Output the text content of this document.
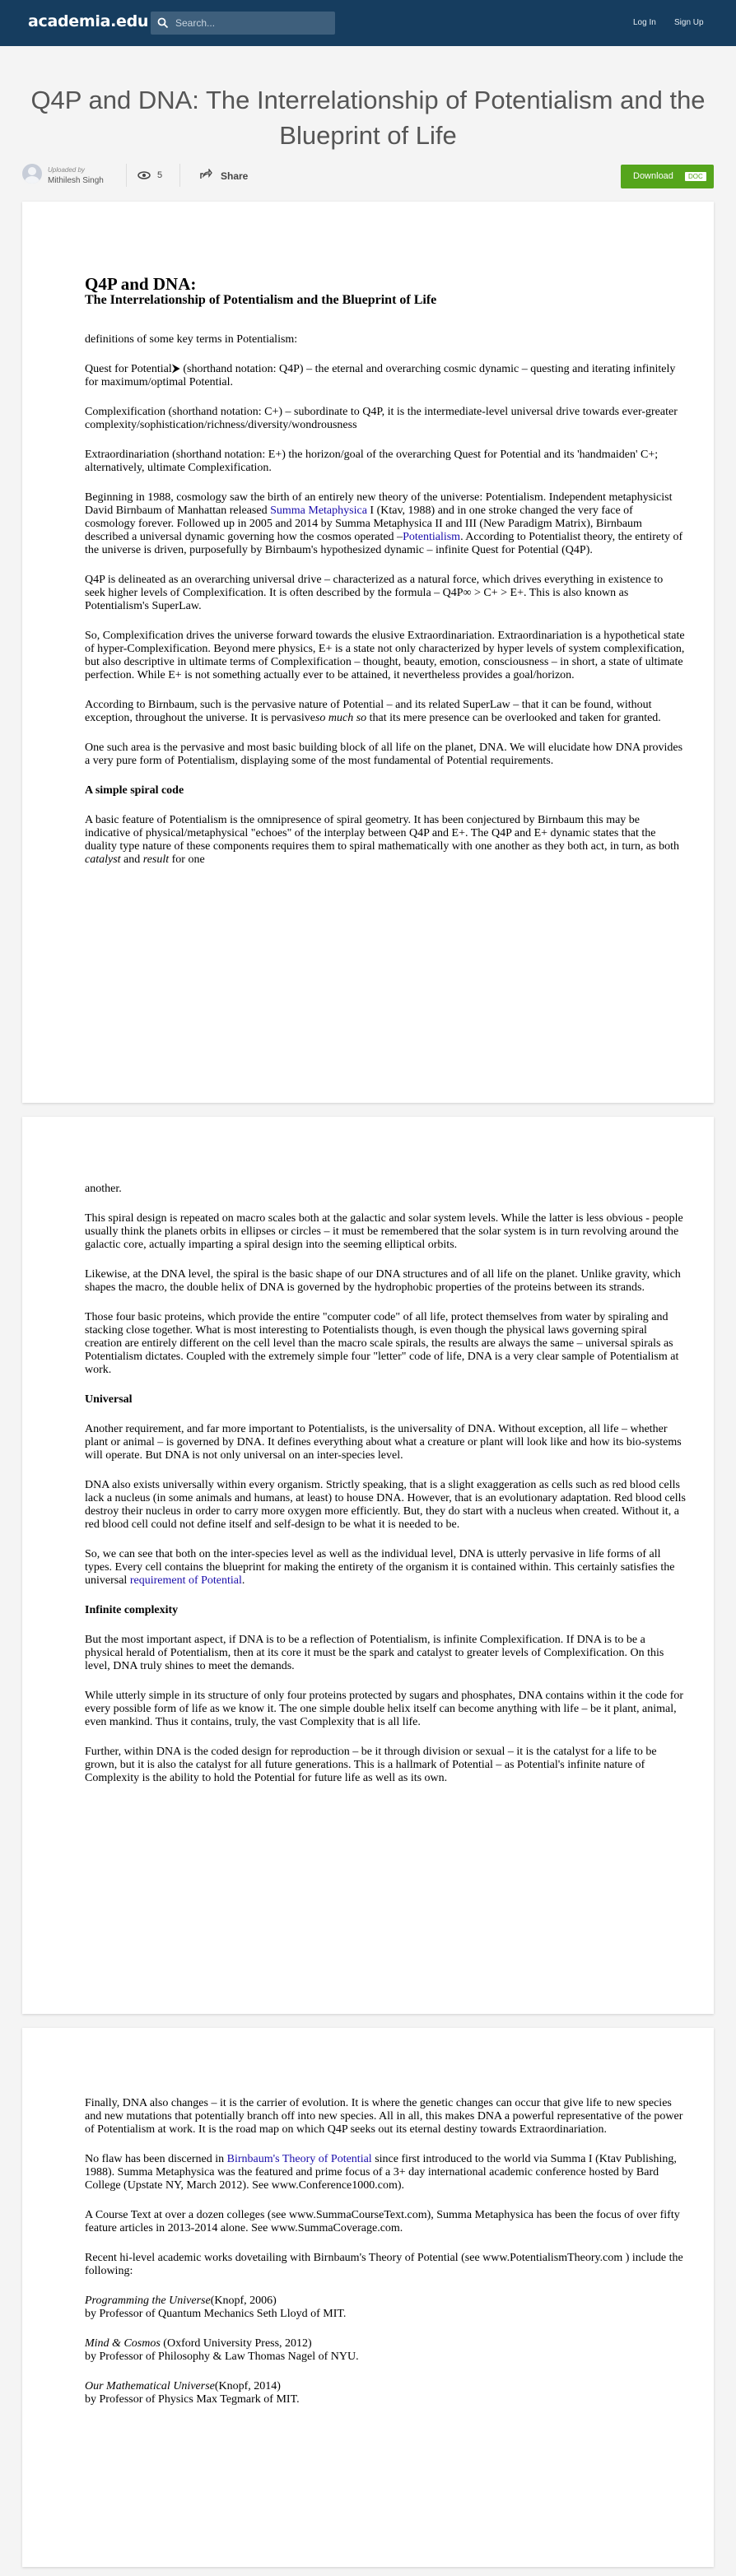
academia.edu	Search...	Log In Sign Up
Q4P and DNA: The Interrelationship of Potentialism and the Blueprint of Life
Uploaded by
Mithilesh Singh
5	Share	Download	DOC
Q4P and DNA:
The Interrelationship of Potentialism and the Blueprint of Life

definitions of some key terms in Potentialism:

Quest for Potential⮞ (shorthand notation: Q4P) – the eternal and overarching cosmic dynamic – questing and iterating infinitely for maximum/optimal Potential.

Complexification (shorthand notation: C+) – subordinate to Q4P, it is the intermediate-level universal drive towards ever-greater complexity/sophistication/richness/diversity/wondrousness

Extraordinariation (shorthand notation: E+) the horizon/goal of the overarching Quest for Potential and its 'handmaiden' C+; alternatively, ultimate Complexification.

Beginning in 1988, cosmology saw the birth of an entirely new theory of the universe: Potentialism. Independent metaphysicist David Birnbaum of Manhattan released Summa Metaphysica I (Ktav, 1988) and in one stroke changed the very face of cosmology forever. Followed up in 2005 and 2014 by Summa Metaphysica II and III (New Paradigm Matrix), Birnbaum described a universal dynamic governing how the cosmos operated –Potentialism. According to Potentialist theory, the entirety of the universe is driven, purposefully by Birnbaum's hypothesized dynamic – infinite Quest for Potential (Q4P).

Q4P is delineated as an overarching universal drive – characterized as a natural force, which drives everything in existence to seek higher levels of Complexification. It is often described by the formula – Q4P∞ > C+ > E+. This is also known as Potentialism's SuperLaw.

So, Complexification drives the universe forward towards the elusive Extraordinariation. Extraordinariation is a hypothetical state of hyper-Complexification. Beyond mere physics, E+ is a state not only characterized by hyper levels of system complexification, but also descriptive in ultimate terms of Complexification – thought, beauty, emotion, consciousness – in short, a state of ultimate perfection. While E+ is not something actually ever to be attained, it nevertheless provides a goal/horizon.

According to Birnbaum, such is the pervasive nature of Potential – and its related SuperLaw – that it can be found, without exception, throughout the universe. It is pervasiveso much so that its mere presence can be overlooked and taken for granted.

One such area is the pervasive and most basic building block of all life on the planet, DNA. We will elucidate how DNA provides a very pure form of Potentialism, displaying some of the most fundamental of Potential requirements.

A simple spiral code

A basic feature of Potentialism is the omnipresence of spiral geometry. It has been conjectured by Birnbaum this may be indicative of physical/metaphysical "echoes" of the interplay between Q4P and E+. The Q4P and E+ dynamic states that the duality type nature of these components requires them to spiral mathematically with one another as they both act, in turn, as both catalyst and result for one

another.

This spiral design is repeated on macro scales both at the galactic and solar system levels. While the latter is less obvious - people usually think the planets orbits in ellipses or circles – it must be remembered that the solar system is in turn revolving around the galactic core, actually imparting a spiral design into the seeming elliptical orbits.

Likewise, at the DNA level, the spiral is the basic shape of our DNA structures and of all life on the planet. Unlike gravity, which shapes the macro, the double helix of DNA is governed by the hydrophobic properties of the proteins between its strands.

Those four basic proteins, which provide the entire "computer code" of all life, protect themselves from water by spiraling and stacking close together. What is most interesting to Potentialists though, is even though the physical laws governing spiral creation are entirely different on the cell level than the macro scale spirals, the results are always the same – universal spirals as Potentialism dictates. Coupled with the extremely simple four "letter" code of life, DNA is a very clear sample of Potentialism at work.

Universal

Another requirement, and far more important to Potentialists, is the universality of DNA. Without exception, all life – whether plant or animal – is governed by DNA. It defines everything about what a creature or plant will look like and how its bio-systems will operate. But DNA is not only universal on an inter-species level.

DNA also exists universally within every organism. Strictly speaking, that is a slight exaggeration as cells such as red blood cells lack a nucleus (in some animals and humans, at least) to house DNA. However, that is an evolutionary adaptation. Red blood cells destroy their nucleus in order to carry more oxygen more efficiently. But, they do start with a nucleus when created. Without it, a red blood cell could not define itself and self-design to be what it is needed to be.

So, we can see that both on the inter-species level as well as the individual level, DNA is utterly pervasive in life forms of all types. Every cell contains the blueprint for making the entirety of the organism it is contained within. This certainly satisfies the universal requirement of Potential.

Infinite complexity

But the most important aspect, if DNA is to be a reflection of Potentialism, is infinite Complexification. If DNA is to be a physical herald of Potentialism, then at its core it must be the spark and catalyst to greater levels of Complexification. On this level, DNA truly shines to meet the demands.

While utterly simple in its structure of only four proteins protected by sugars and phosphates, DNA contains within it the code for every possible form of life as we know it. The one simple double helix itself can become anything with life – be it plant, animal, even mankind. Thus it contains, truly, the vast Complexity that is all life.

Further, within DNA is the coded design for reproduction – be it through division or sexual – it is the catalyst for a life to be grown, but it is also the catalyst for all future generations. This is a hallmark of Potential – as Potential's infinite nature of Complexity is the ability to hold the Potential for future life as well as its own.

Finally, DNA also changes – it is the carrier of evolution. It is where the genetic changes can occur that give life to new species and new mutations that potentially branch off into new species. All in all, this makes DNA a powerful representative of the power of Potentialism at work. It is the road map on which Q4P seeks out its eternal destiny towards Extraordinariation.

No flaw has been discerned in Birnbaum's Theory of Potential since first introduced to the world via Summa I (Ktav Publishing, 1988). Summa Metaphysica was the featured and prime focus of a 3+ day international academic conference hosted by Bard College (Upstate NY, March 2012). See www.Conference1000.com).

A Course Text at over a dozen colleges (see www.SummaCourseText.com), Summa Metaphysica has been the focus of over fifty feature articles in 2013-2014 alone. See www.SummaCoverage.com.

Recent hi-level academic works dovetailing with Birnbaum's Theory of Potential (see www.PotentialismTheory.com ) include the following:

Programming the Universe(Knopf, 2006)
by Professor of Quantum Mechanics Seth Lloyd of MIT.

Mind & Cosmos (Oxford University Press, 2012)
by Professor of Philosophy & Law Thomas Nagel of NYU.

Our Mathematical Universe(Knopf, 2014)
by Professor of Physics Max Tegmark of MIT.
